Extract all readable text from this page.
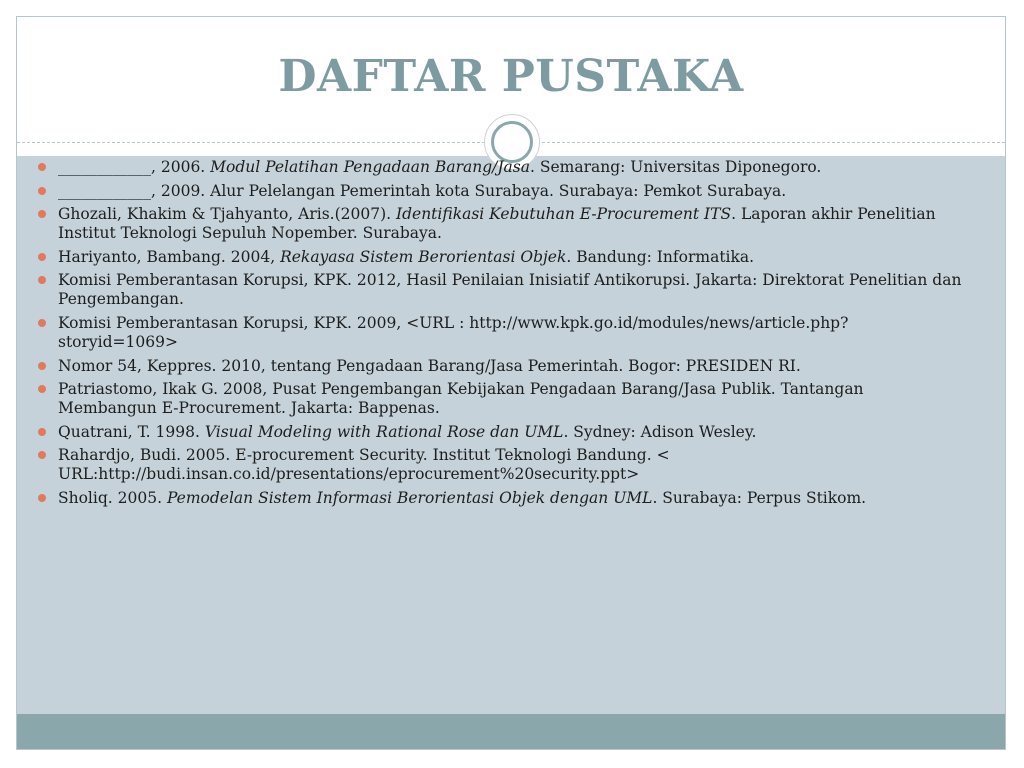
DAFTAR PUSTAKA
____________, 2006. Modul Pelatihan Pengadaan Barang/Jasa. Semarang: Universitas Diponegoro.
____________, 2009. Alur Pelelangan Pemerintah kota Surabaya. Surabaya: Pemkot Surabaya.
Ghozali, Khakim & Tjahyanto, Aris.(2007). Identifikasi Kebutuhan E-Procurement ITS. Laporan akhir Penelitian Institut Teknologi Sepuluh Nopember. Surabaya.
Hariyanto, Bambang. 2004, Rekayasa Sistem Berorientasi Objek. Bandung: Informatika.
Komisi Pemberantasan Korupsi, KPK. 2012, Hasil Penilaian Inisiatif Antikorupsi. Jakarta: Direktorat Penelitian dan Pengembangan.
Komisi Pemberantasan Korupsi, KPK. 2009, <URL : http://www.kpk.go.id/modules/news/article.php?storyid=1069>
Nomor 54, Keppres. 2010, tentang Pengadaan Barang/Jasa Pemerintah. Bogor: PRESIDEN RI.
Patriastomo, Ikak G. 2008, Pusat Pengembangan Kebijakan Pengadaan Barang/Jasa Publik. Tantangan Membangun E-Procurement. Jakarta: Bappenas.
Quatrani, T. 1998. Visual Modeling with Rational Rose dan UML. Sydney: Adison Wesley.
Rahardjo, Budi. 2005. E-procurement Security. Institut Teknologi Bandung. < URL:http://budi.insan.co.id/presentations/eprocurement%20security.ppt>
Sholiq. 2005. Pemodelan Sistem Informasi Berorientasi Objek dengan UML. Surabaya: Perpus Stikom.
